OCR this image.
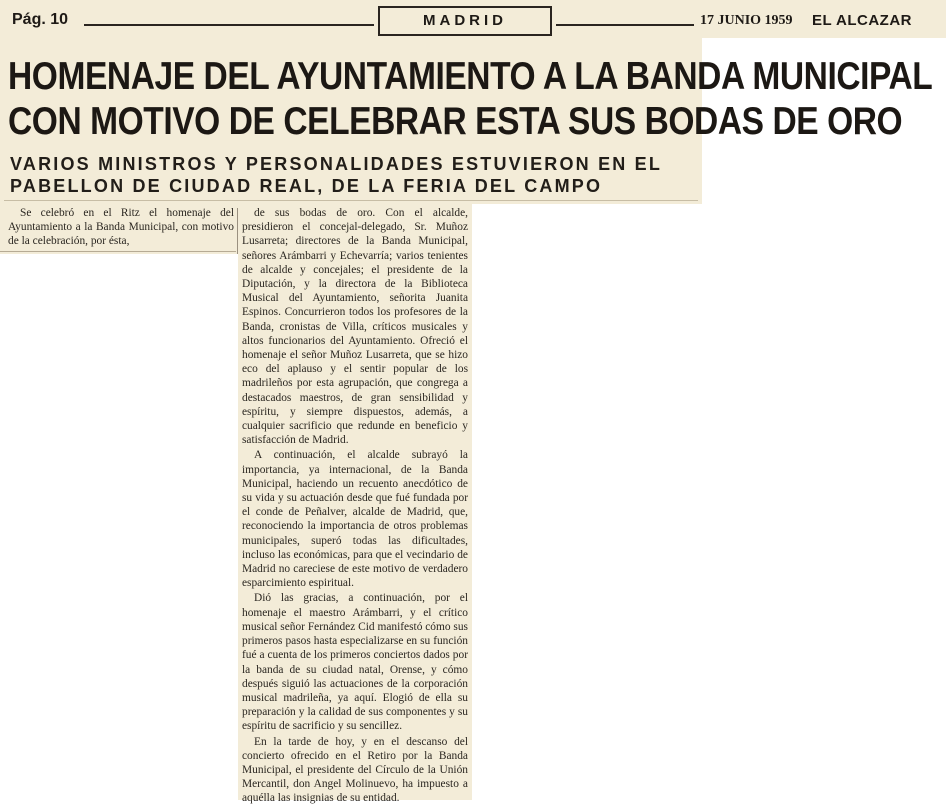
Pág. 10	MADRID	17 JUNIO 1959 EL ALCAZAR
HOMENAJE DEL AYUNTAMIENTO A LA BANDA MUNICIPAL
CON MOTIVO DE CELEBRAR ESTA SUS BODAS DE ORO
VARIOS MINISTROS Y PERSONALIDADES ESTUVIERON EN EL
PABELLON DE CIUDAD REAL, DE LA FERIA DEL CAMPO

Se celebró en el Ritz el homenaje del Ayuntamiento a la Banda Municipal, con motivo de la celebración, por ésta,

de sus bodas de oro. Con el alcalde, presidieron el concejal-delegado, Sr. Muñoz Lusarreta; directores de la Banda Municipal, señores Arámbarri y Echevarría; varios tenientes de alcalde y concejales; el presidente de la Diputación, y la directora de la Biblioteca Musical del Ayuntamiento, señorita Juanita Espinos. Concurrieron todos los profesores de la Banda, cronistas de Villa, críticos musicales y altos funcionarios del Ayuntamiento. Ofreció el homenaje el señor Muñoz Lusarreta, que se hizo eco del aplauso y el sentir popular de los madrileños por esta agrupación, que congrega a destacados maestros, de gran sensibilidad y espíritu, y siempre dispuestos, además, a cualquier sacrificio que redunde en beneficio y satisfacción de Madrid.

A continuación, el alcalde subrayó la importancia, ya internacional, de la Banda Municipal, haciendo un recuento anecdótico de su vida y su actuación desde que fué fundada por el conde de Peñalver, alcalde de Madrid, que, reconociendo la importancia de otros problemas municipales, superó todas las dificultades, incluso las económicas, para que el vecindario de Madrid no careciese de este motivo de verdadero esparcimiento espiritual.

Dió las gracias, a continuación, por el homenaje el maestro Arámbarri, y el crítico musical señor Fernández Cid manifestó cómo sus primeros pasos hasta especializarse en su función fué a cuenta de los primeros conciertos dados por la banda de su ciudad natal, Orense, y cómo después siguió las actuaciones de la corporación musical madrileña, ya aquí. Elogió de ella su preparación y la calidad de sus componentes y su espíritu de sacrificio y su sencillez.

En la tarde de hoy, y en el descanso del concierto ofrecido en el Retiro por la Banda Municipal, el presidente del Círculo de la Unión Mercantil, don Angel Molinuevo, ha impuesto a aquélla las insignias de su entidad.
